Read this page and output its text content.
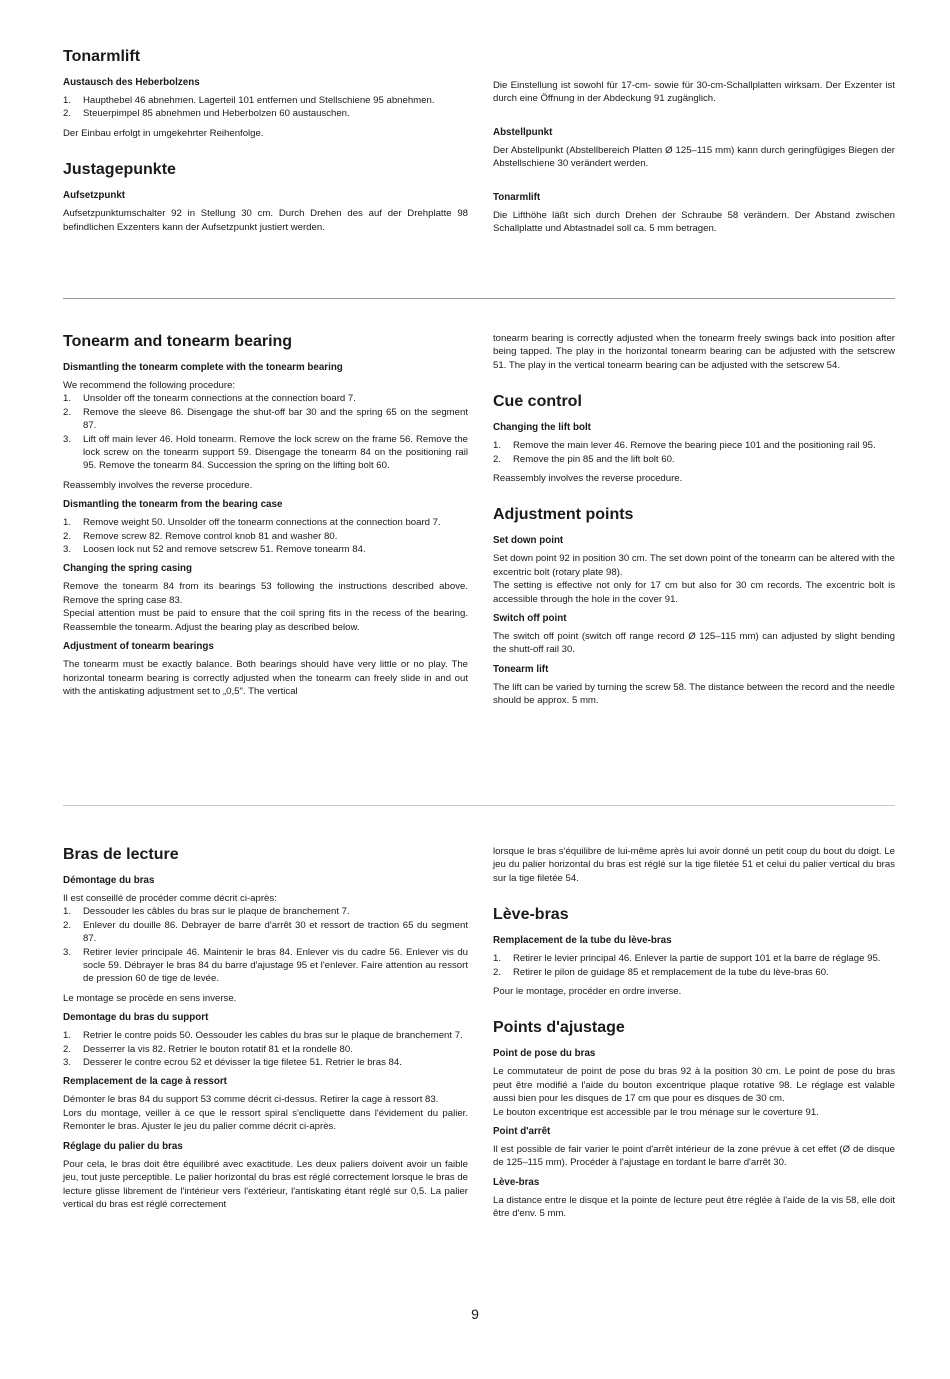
Tonarmlift
Austausch des Heberbolzens
1. Haupthebel 46 abnehmen. Lagerteil 101 entfernen und Stellschiene 95 abnehmen.
2. Steuerpimpel 85 abnehmen und Heberbolzen 60 austauschen.
Der Einbau erfolgt in umgekehrter Reihenfolge.
Justagepunkte
Aufsetzpunkt
Aufsetzpunktumschalter 92 in Stellung 30 cm. Durch Drehen des auf der Drehplatte 98 befindlichen Exzenters kann der Aufsetzpunkt justiert werden.
Die Einstellung ist sowohl für 17-cm- sowie für 30-cm-Schallplatten wirksam. Der Exzenter ist durch eine Öffnung in der Abdeckung 91 zugänglich.
Abstellpunkt
Der Abstellpunkt (Abstellbereich Platten Ø 125–115 mm) kann durch geringfügiges Biegen der Abstellschiene 30 verändert werden.
Tonarmlift
Die Lifthöhe läßt sich durch Drehen der Schraube 58 verändern. Der Abstand zwischen Schallplatte und Abtastnadel soll ca. 5 mm betragen.
Tonearm and tonearm bearing
Dismantling the tonearm complete with the tonearm bearing
We recommend the following procedure:
1. Unsolder off the tonearm connections at the connection board 7.
2. Remove the sleeve 86. Disengage the shut-off bar 30 and the spring 65 on the segment 87.
3. Lift off main lever 46. Hold tonearm. Remove the lock screw on the frame 56. Remove the lock screw on the tonearm support 59. Disengage the tonearm 84 on the positioning rail 95. Remove the tonearm 84. Succession the spring on the lifting bolt 60.
Reassembly involves the reverse procedure.
Dismantling the tonearm from the bearing case
1. Remove weight 50. Unsolder off the tonearm connections at the connection board 7.
2. Remove screw 82. Remove control knob 81 and washer 80.
3. Loosen lock nut 52 and remove setscrew 51. Remove tonearm 84.
Changing the spring casing
Remove the tonearm 84 from its bearings 53 following the instructions described above. Remove the spring case 83.
Special attention must be paid to ensure that the coil spring fits in the recess of the bearing. Reassemble the tonearm. Adjust the bearing play as described below.
Adjustment of tonearm bearings
The tonearm must be exactly balance. Both bearings should have very little or no play. The horizontal tonearm bearing is correctly adjusted when the tonearm can freely slide in and out with the antiskating adjustment set to „0,5". The vertical
tonearm bearing is correctly adjusted when the tonearm freely swings back into position after being tapped. The play in the horizontal tonearm bearing can be adjusted with the setscrew 51. The play in the vertical tonearm bearing can be adjusted with the setscrew 54.
Cue control
Changing the lift bolt
1. Remove the main lever 46. Remove the bearing piece 101 and the positioning rail 95.
2. Remove the pin 85 and the lift bolt 60.
Reassembly involves the reverse procedure.
Adjustment points
Set down point
Set down point 92 in position 30 cm. The set down point of the tonearm can be altered with the excentric bolt (rotary plate 98).
The setting is effective not only for 17 cm but also for 30 cm records. The excentric bolt is accessible through the hole in the cover 91.
Switch off point
The switch off point (switch off range record Ø 125–115 mm) can adjusted by slight bending the shutt-off rail 30.
Tonearm lift
The lift can be varied by turning the screw 58. The distance between the record and the needle should be approx. 5 mm.
Bras de lecture
Démontage du bras
Il est conseillé de procéder comme décrit ci-après:
1. Dessouder les câbles du bras sur le plaque de branchement 7.
2. Enlever du douille 86. Debrayer de barre d'arrêt 30 et ressort de traction 65 du segment 87.
3. Retirer levier principale 46. Maintenir le bras 84. Enlever vis du cadre 56. Enlever vis du socle 59. Débrayer le bras 84 du barre d'ajustage 95 et l'enlever. Faire attention au ressort de pression 60 de tige de levée.
Le montage se procède en sens inverse.
Demontage du bras du support
1. Retrier le contre poids 50. Oessouder les cables du bras sur le plaque de branchement 7.
2. Desserrer la vis 82. Retrier le bouton rotatif 81 et la rondelle 80.
3. Desserer le contre ecrou 52 et dévisser la tige filetee 51. Retrier le bras 84.
Remplacement de la cage à ressort
Démonter le bras 84 du support 53 comme décrit ci-dessus. Retirer la cage à ressort 83.
Lors du montage, veiller à ce que le ressort spiral s'encliquette dans l'évidement du palier. Remonter le bras. Ajuster le jeu du palier comme décrit ci-après.
Réglage du palier du bras
Pour cela, le bras doit être équilibré avec exactitude. Les deux paliers doivent avoir un faible jeu, tout juste perceptible. Le palier horizontal du bras est réglé correctement lorsque le bras de lecture glisse librement de l'intérieur vers l'extérieur, l'antiskating étant réglé sur 0,5. La palier vertical du bras est réglé correctement
lorsque le bras s'équilibre de lui-même après lui avoir donné un petit coup du bout du doigt. Le jeu du palier horizontal du bras est réglé sur la tige filetée 51 et celui du palier vertical du bras sur la tige filetée 54.
Lève-bras
Remplacement de la tube du lève-bras
1. Retirer le levier principal 46. Enlever la partie de support 101 et la barre de réglage 95.
2. Retirer le pilon de guidage 85 et remplacement de la tube du lève-bras 60.
Pour le montage, procéder en ordre inverse.
Points d'ajustage
Point de pose du bras
Le commutateur de point de pose du bras 92 à la position 30 cm. Le point de pose du bras peut être modifié a l'aide du bouton excentrique plaque rotative 98. Le réglage est valable aussi bien pour les disques de 17 cm que pour es disques de 30 cm.
Le bouton excentrique est accessible par le trou ménage sur le coverture 91.
Point d'arrêt
Il est possible de fair varier le point d'arrêt intérieur de la zone prévue à cet effet (Ø de disque de 125–115 mm). Procéder à l'ajustage en tordant le barre d'arrêt 30.
Lève-bras
La distance entre le disque et la pointe de lecture peut être réglée à l'aide de la vis 58, elle doit être d'env. 5 mm.
9
